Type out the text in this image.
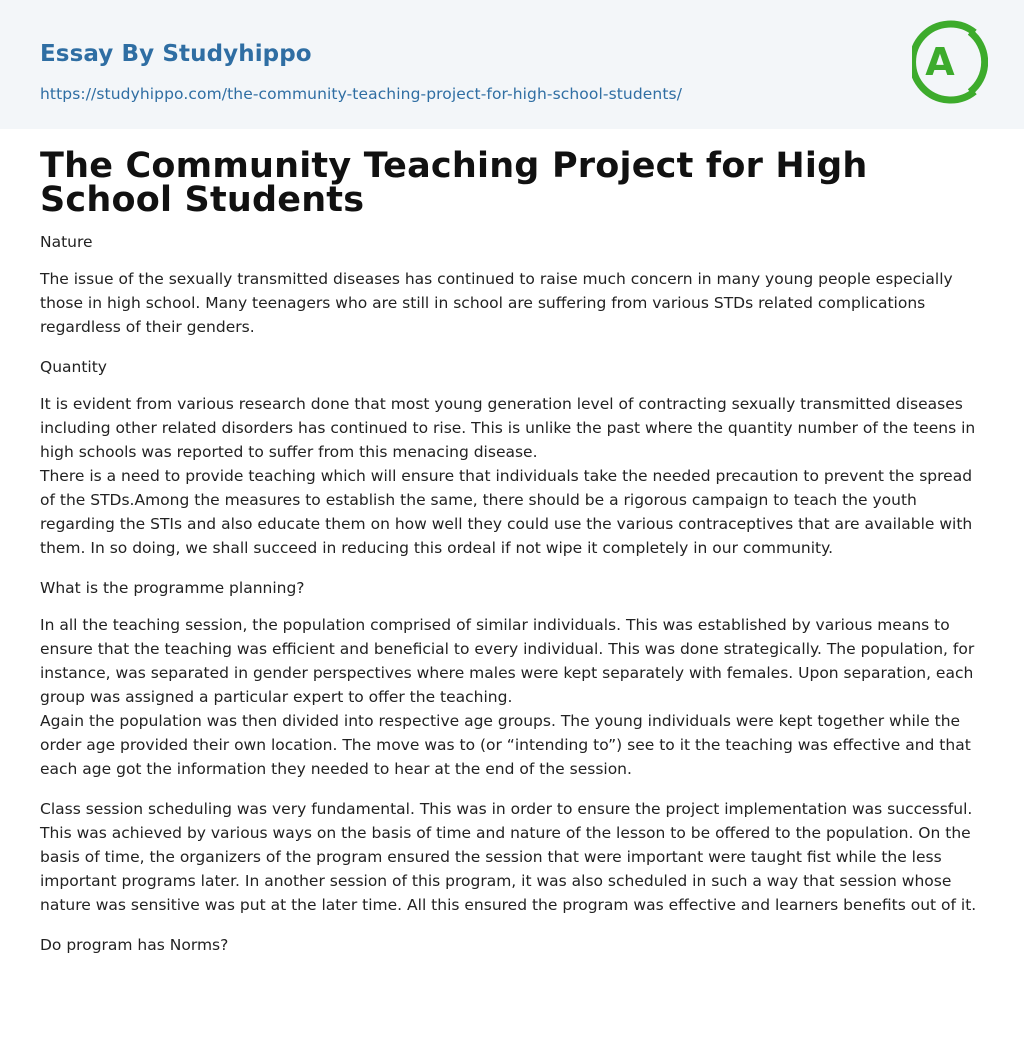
Essay By Studyhippo
https://studyhippo.com/the-community-teaching-project-for-high-school-students/
A
The Community Teaching Project for High School Students

Nature

The issue of the sexually transmitted diseases has continued to raise much concern in many young people especially those in high school. Many teenagers who are still in school are suffering from various STDs related complications regardless of their genders.

Quantity

It is evident from various research done that most young generation level of contracting sexually transmitted diseases including other related disorders has continued to rise. This is unlike the past where the quantity number of the teens in high schools was reported to suffer from this menacing disease.

There is a need to provide teaching which will ensure that individuals take the needed precaution to prevent the spread of the STDs.Among the measures to establish the same, there should be a rigorous campaign to teach the youth regarding the STIs and also educate them on how well they could use the various contraceptives that are available with them. In so doing, we shall succeed in reducing this ordeal if not wipe it completely in our community.

What is the programme planning?

In all the teaching session, the population comprised of similar individuals. This was established by various means to ensure that the teaching was efficient and beneficial to every individual. This was done strategically. The population, for instance, was separated in gender perspectives where males were kept separately with females. Upon separation, each group was assigned a particular expert to offer the teaching.

Again the population was then divided into respective age groups. The young individuals were kept together while the order age provided their own location. The move was to (or “intending to”) see to it the teaching was effective and that each age got the information they needed to hear at the end of the session.

Class session scheduling was very fundamental. This was in order to ensure the project implementation was successful. This was achieved by various ways on the basis of time and nature of the lesson to be offered to the population. On the basis of time, the organizers of the program ensured the session that were important were taught fist while the less important programs later. In another session of this program, it was also scheduled in such a way that session whose nature was sensitive was put at the later time. All this ensured the program was effective and learners benefits out of it.

Do program has Norms?
